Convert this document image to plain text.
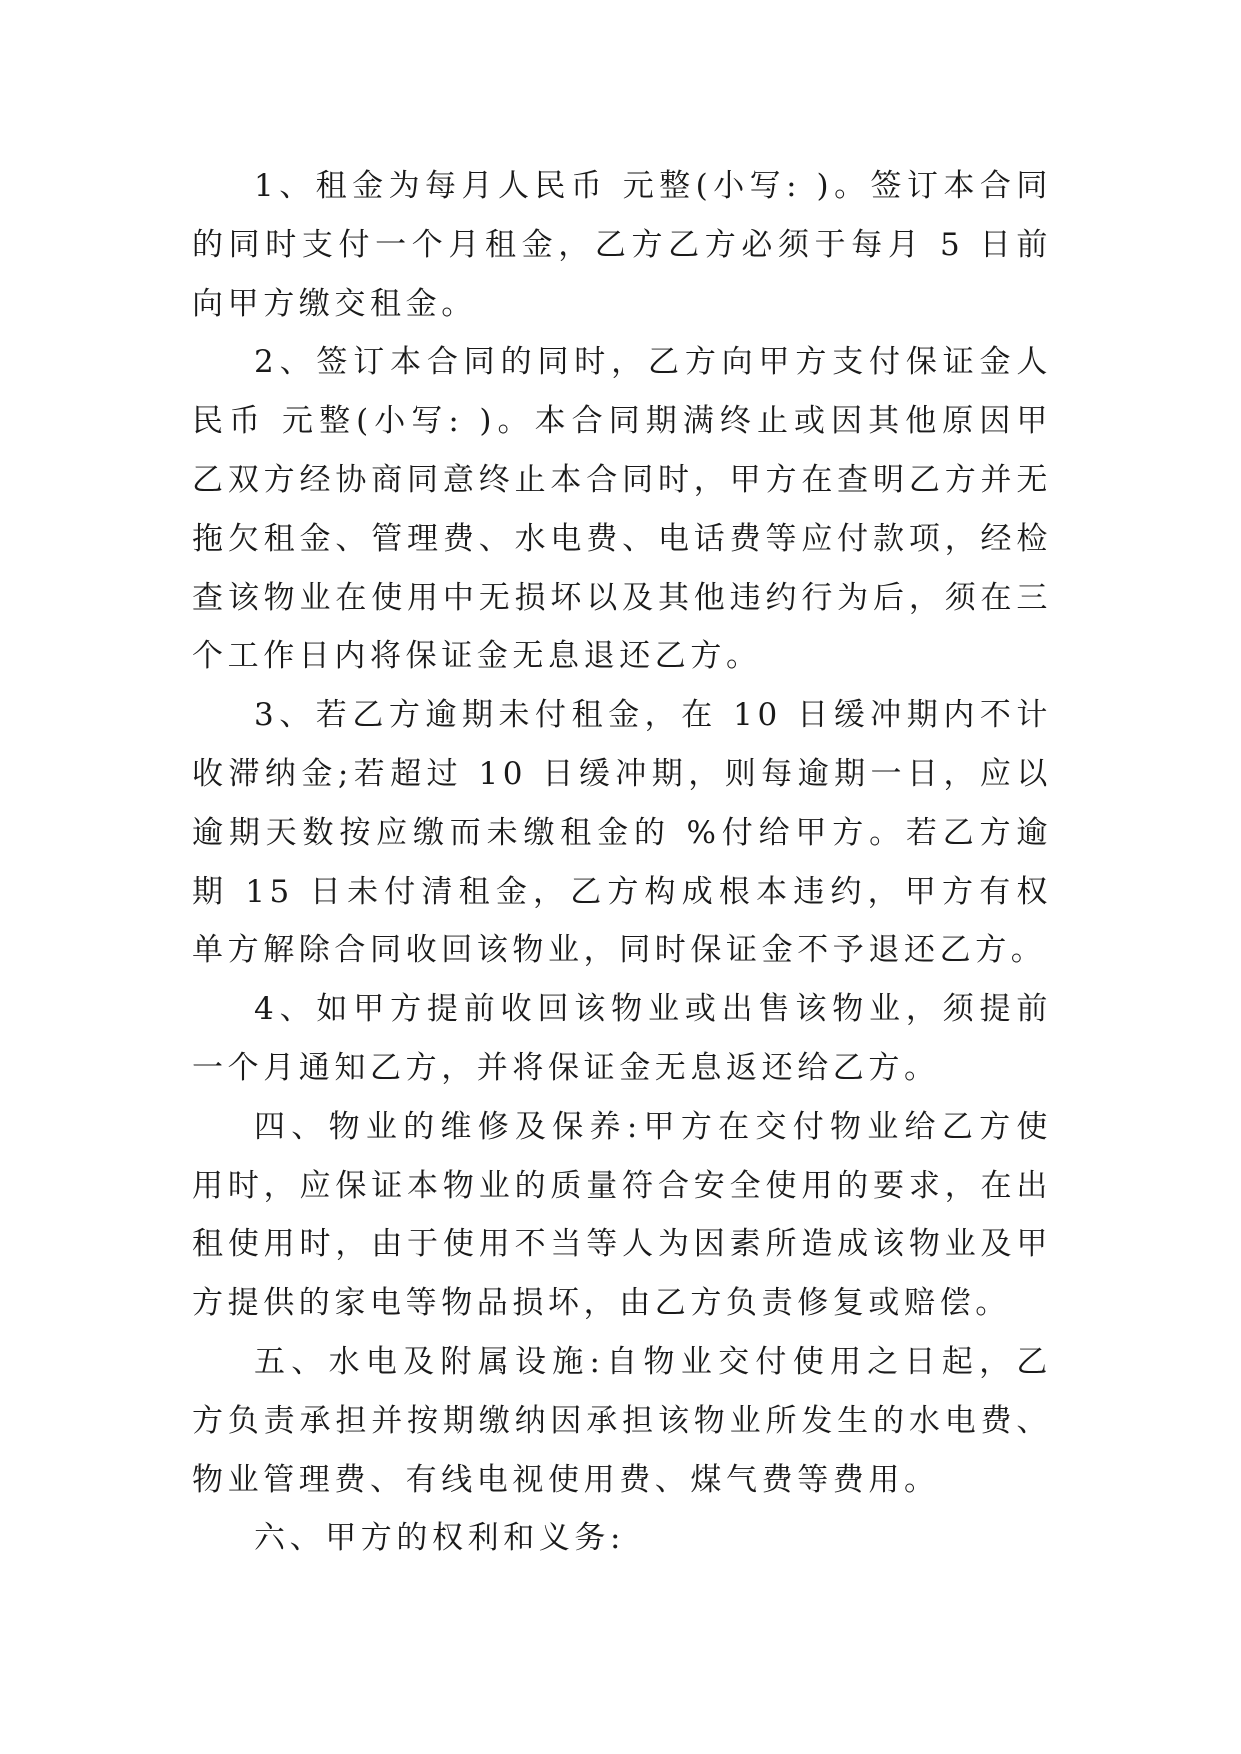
1、租金为每月人民币 元整(小写: )。签订本合同的同时支付一个月租金，乙方乙方必须于每月 5 日前向甲方缴交租金。

2、签订本合同的同时，乙方向甲方支付保证金人民币 元整(小写: )。本合同期满终止或因其他原因甲乙双方经协商同意终止本合同时，甲方在查明乙方并无拖欠租金、管理费、水电费、电话费等应付款项，经检查该物业在使用中无损坏以及其他违约行为后，须在三个工作日内将保证金无息退还乙方。

3、若乙方逾期未付租金，在 10 日缓冲期内不计收滞纳金;若超过 10 日缓冲期，则每逾期一日，应以逾期天数按应缴而未缴租金的 %付给甲方。若乙方逾期 15 日未付清租金，乙方构成根本违约，甲方有权单方解除合同收回该物业，同时保证金不予退还乙方。

4、如甲方提前收回该物业或出售该物业，须提前一个月通知乙方，并将保证金无息返还给乙方。

四、物业的维修及保养:甲方在交付物业给乙方使用时，应保证本物业的质量符合安全使用的要求，在出租使用时，由于使用不当等人为因素所造成该物业及甲方提供的家电等物品损坏，由乙方负责修复或赔偿。

五、水电及附属设施:自物业交付使用之日起，乙方负责承担并按期缴纳因承担该物业所发生的水电费、物业管理费、有线电视使用费、煤气费等费用。

六、甲方的权利和义务:
